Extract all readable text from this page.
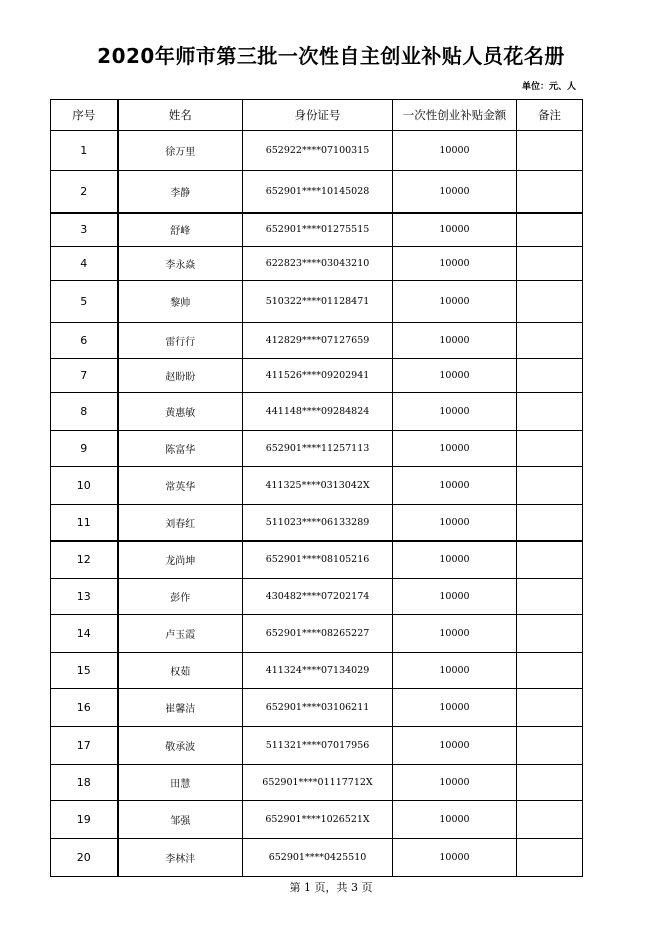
2020年师市第三批一次性自主创业补贴人员花名册
单位：元、人
序号	姓名	身份证号	一次性创业补贴金额	备注
1	徐万里	652922****07100315	10000	
2	李静	652901****10145028	10000	
3	舒峰	652901****01275515	10000	
4	李永焱	622823****03043210	10000	
5	黎帅	510322****01128471	10000	
6	雷行行	412829****07127659	10000	
7	赵盼盼	411526****09202941	10000	
8	黄惠敏	441148****09284824	10000	
9	陈富华	652901****11257113	10000	
10	常英华	411325****0313042X	10000	
11	刘春红	511023****06133289	10000	
12	龙尚坤	652901****08105216	10000	
13	彭作	430482****07202174	10000	
14	卢玉霞	652901****08265227	10000	
15	权茹	411324****07134029	10000	
16	崔馨洁	652901****03106211	10000	
17	敬承波	511321****07017956	10000	
18	田慧	652901****01117712X	10000	
19	邹强	652901****1026521X	10000	
20	李林沣	652901****0425510	10000	
第 1 页，共 3 页
